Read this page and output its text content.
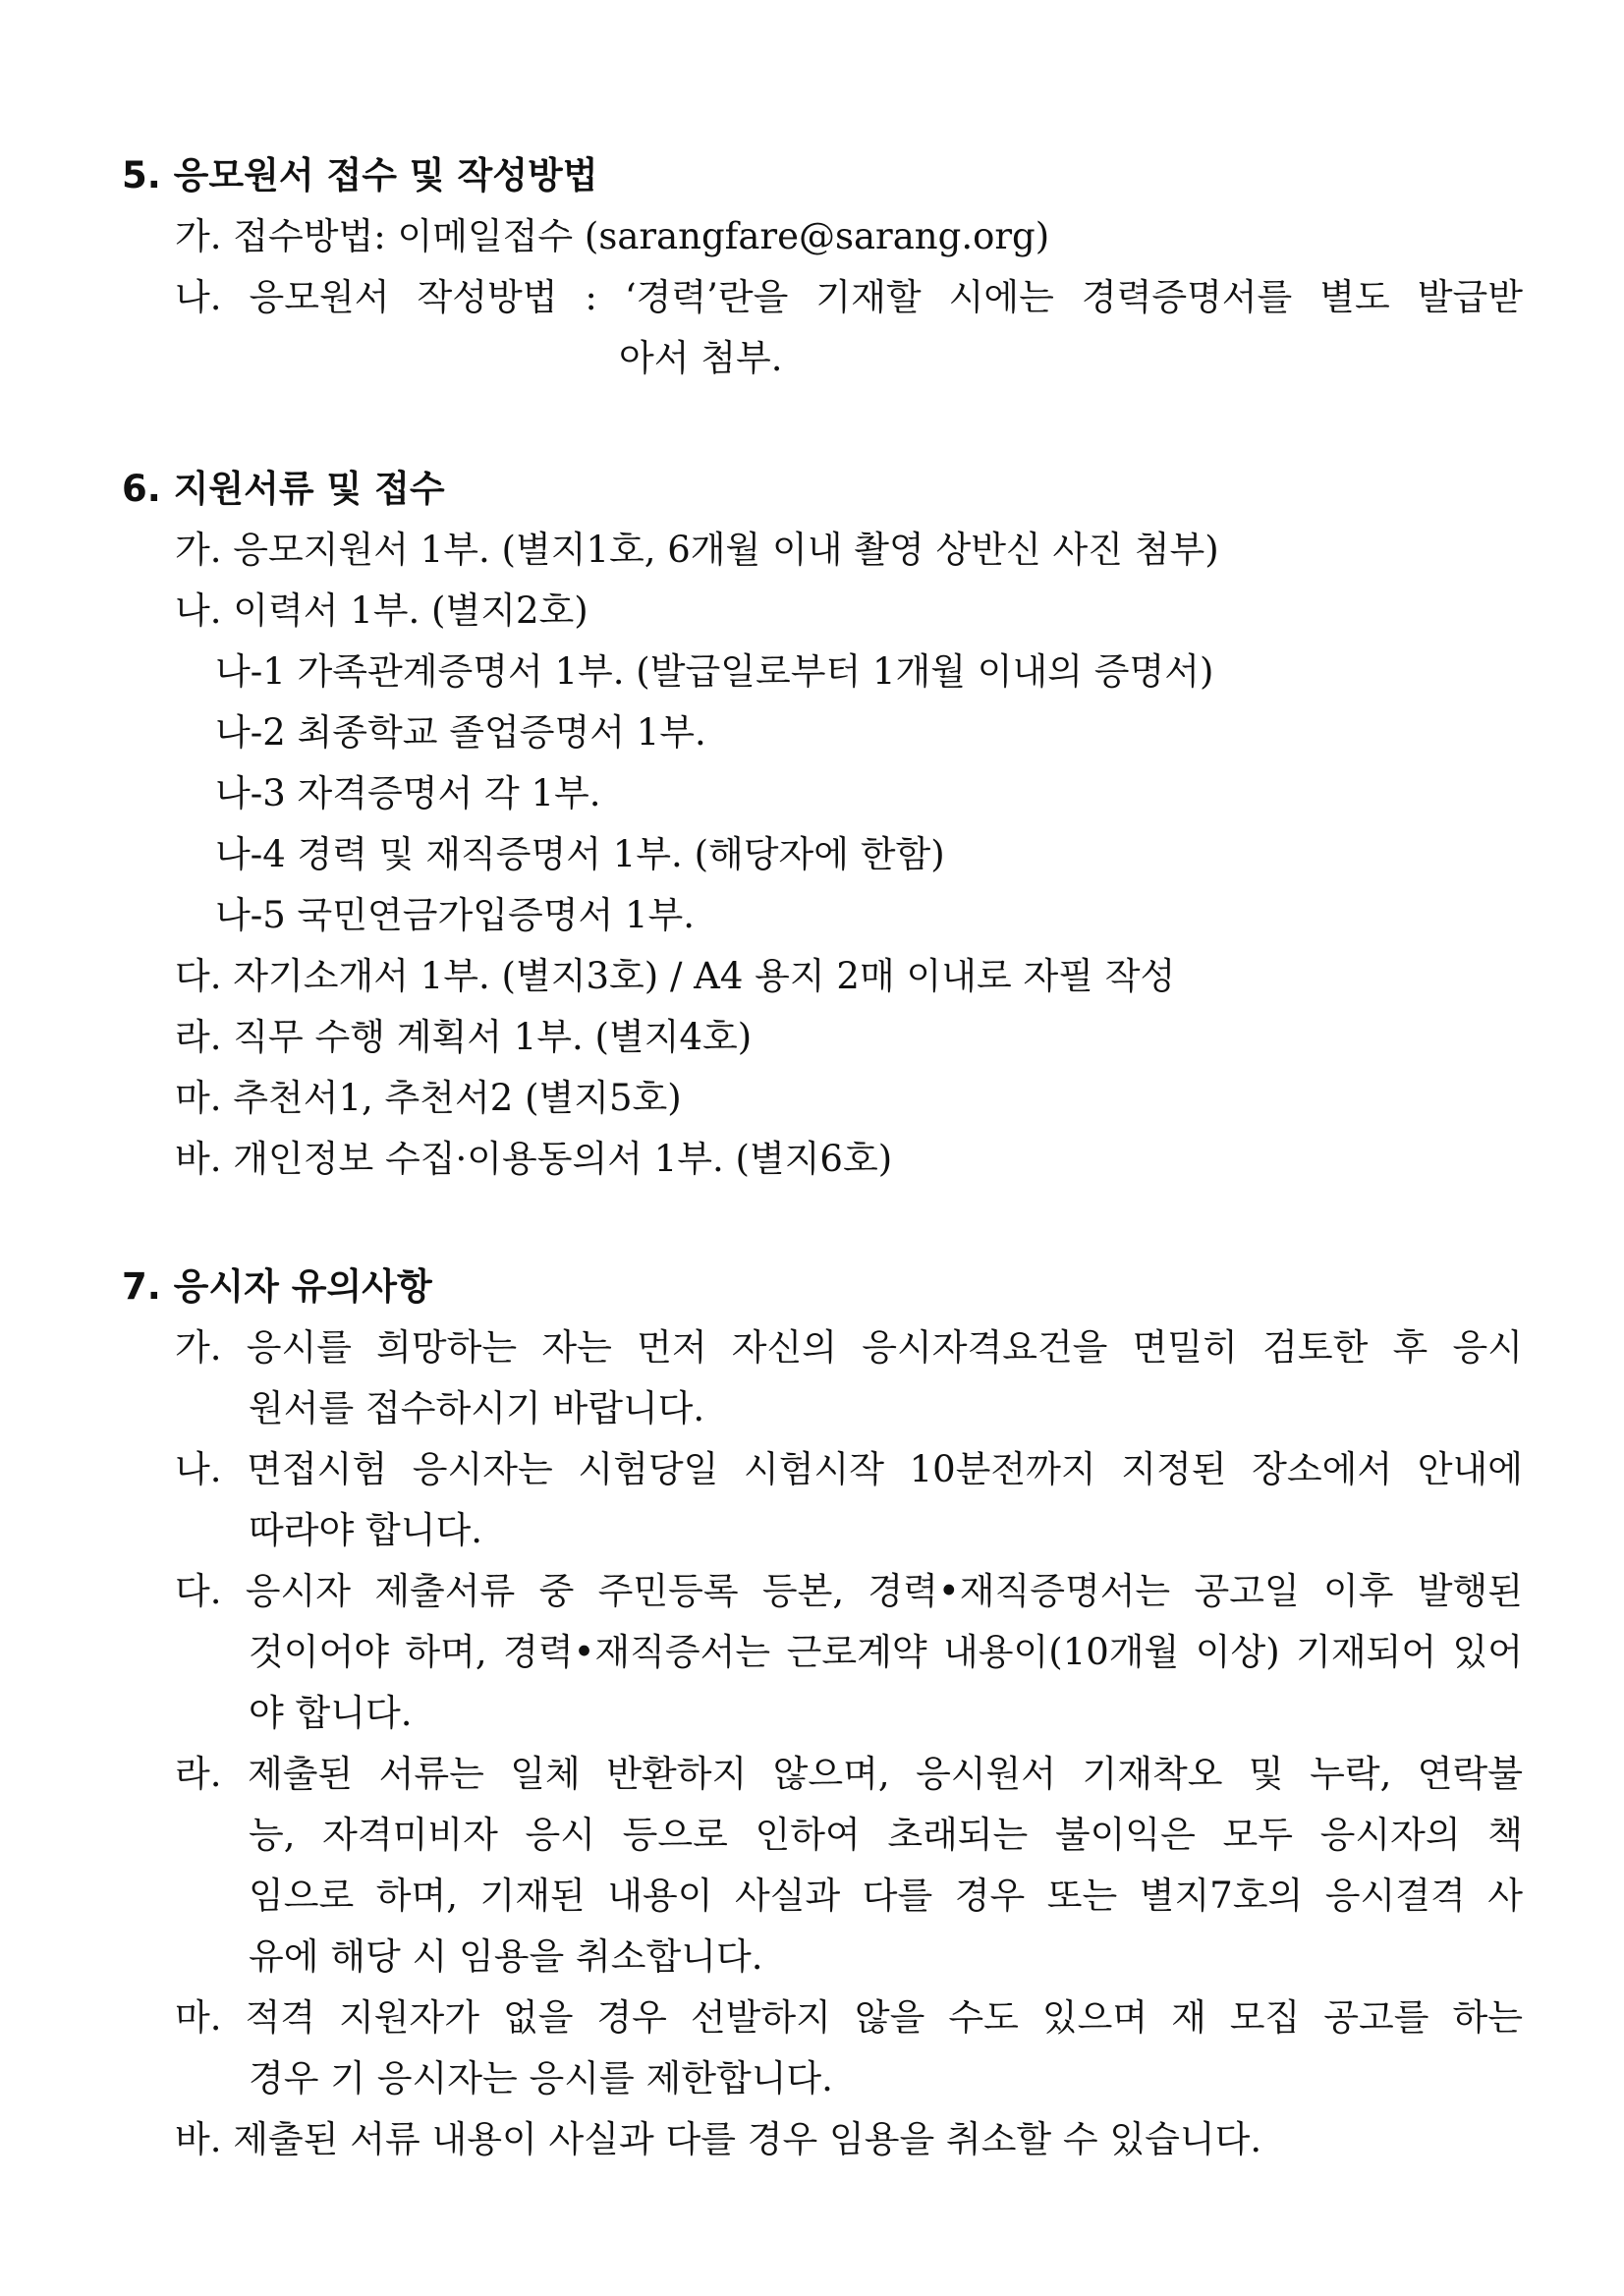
5. 응모원서 접수 및 작성방법
가. 접수방법: 이메일접수 (sarangfare@sarang.org)
나. 응모원서 작성방법 : ‘경력’란을 기재할 시에는 경력증명서를 별도 발급받
아서 첨부.
6. 지원서류 및 접수
가. 응모지원서 1부. (별지1호, 6개월 이내 촬영 상반신 사진 첨부)
나. 이력서 1부. (별지2호)
나-1 가족관계증명서 1부. (발급일로부터 1개월 이내의 증명서)
나-2 최종학교 졸업증명서 1부.
나-3 자격증명서 각 1부.
나-4 경력 및 재직증명서 1부. (해당자에 한함)
나-5 국민연금가입증명서 1부.
다. 자기소개서 1부. (별지3호) / A4 용지 2매 이내로 자필 작성
라. 직무 수행 계획서 1부. (별지4호)
마. 추천서1, 추천서2 (별지5호)
바. 개인정보 수집·이용동의서 1부. (별지6호)
7. 응시자 유의사항
가. 응시를 희망하는 자는 먼저 자신의 응시자격요건을 면밀히 검토한 후 응시
원서를 접수하시기 바랍니다.
나. 면접시험 응시자는 시험당일 시험시작 10분전까지 지정된 장소에서 안내에
따라야 합니다.
다. 응시자 제출서류 중 주민등록 등본, 경력•재직증명서는 공고일 이후 발행된
것이어야 하며, 경력•재직증서는 근로계약 내용이(10개월 이상) 기재되어 있어
야 합니다.
라. 제출된 서류는 일체 반환하지 않으며, 응시원서 기재착오 및 누락, 연락불
능, 자격미비자 응시 등으로 인하여 초래되는 불이익은 모두 응시자의 책
임으로 하며, 기재된 내용이 사실과 다를 경우 또는 별지7호의 응시결격 사
유에 해당 시 임용을 취소합니다.
마. 적격 지원자가 없을 경우 선발하지 않을 수도 있으며 재 모집 공고를 하는
경우 기 응시자는 응시를 제한합니다.
바. 제출된 서류 내용이 사실과 다를 경우 임용을 취소할 수 있습니다.
